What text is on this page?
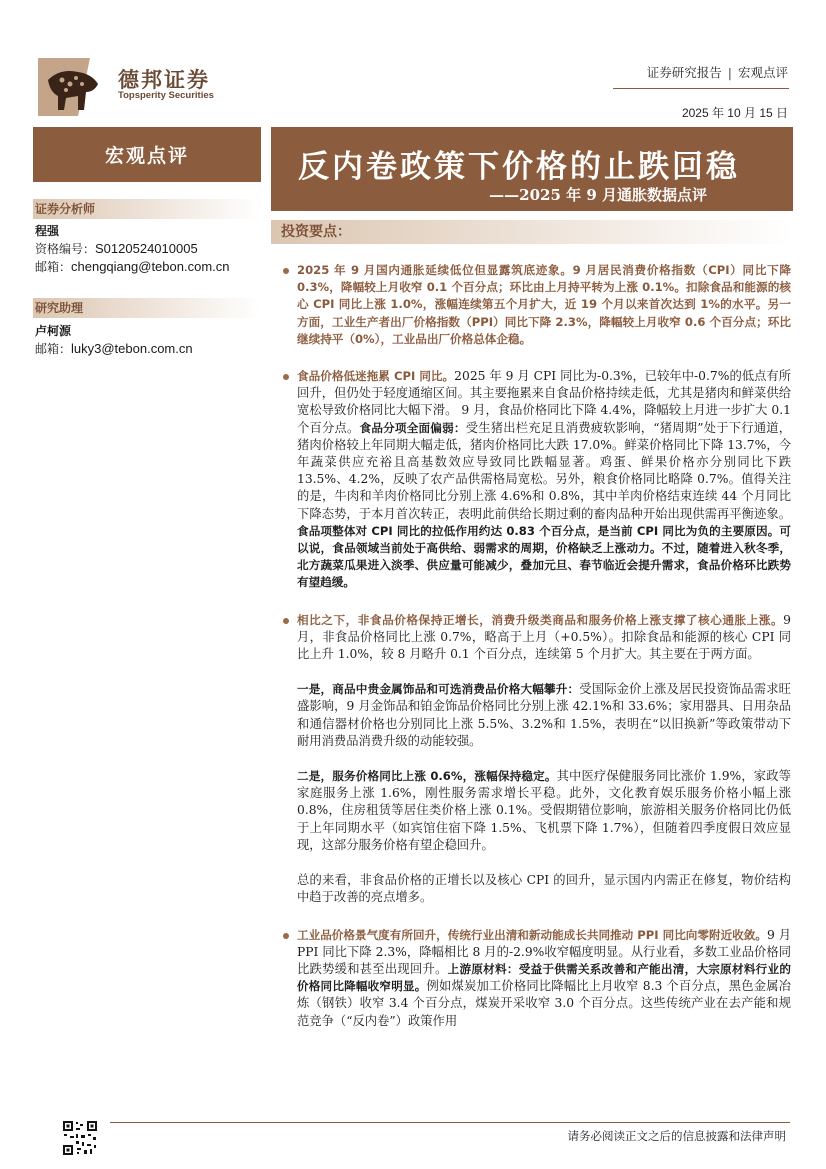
德邦证券
Topsperity Securities
证券研究报告 | 宏观点评
2025 年 10 月 15 日
宏观点评
证券分析师
程强
资格编号：S0120524010005
邮箱：chengqiang@tebon.com.cn
研究助理
卢柯源
邮箱：luky3@tebon.com.cn
反内卷政策下价格的止跌回稳
——2025 年 9 月通胀数据点评
投资要点：

2025 年 9 月国内通胀延续低位但显露筑底迹象。9 月居民消费价格指数（CPI）同比下降 0.3%，降幅较上月收窄 0.1 个百分点；环比由上月持平转为上涨 0.1%。扣除食品和能源的核心 CPI 同比上涨 1.0%，涨幅连续第五个月扩大，近 19 个月以来首次达到 1%的水平。另一方面，工业生产者出厂价格指数（PPI）同比下降 2.3%，降幅较上月收窄 0.6 个百分点；环比继续持平（0%），工业品出厂价格总体企稳。

食品价格低迷拖累 CPI 同比。2025 年 9 月 CPI 同比为-0.3%，已较年中-0.7%的低点有所回升，但仍处于轻度通缩区间。其主要拖累来自食品价格持续走低，尤其是猪肉和鲜菜供给宽松导致价格同比大幅下滑。 9 月，食品价格同比下降 4.4%，降幅较上月进一步扩大 0.1 个百分点。食品分项全面偏弱：受生猪出栏充足且消费疲软影响，“猪周期”处于下行通道，猪肉价格较上年同期大幅走低，猪肉价格同比大跌 17.0%。鲜菜价格同比下降 13.7%，今年蔬菜供应充裕且高基数效应导致同比跌幅显著。鸡蛋、鲜果价格亦分别同比下跌 13.5%、4.2%，反映了农产品供需格局宽松。另外，粮食价格同比略降 0.7%。值得关注的是，牛肉和羊肉价格同比分别上涨 4.6%和 0.8%，其中羊肉价格结束连续 44 个月同比下降态势，于本月首次转正，表明此前供给长期过剩的畜肉品种开始出现供需再平衡迹象。食品项整体对 CPI 同比的拉低作用约达 0.83 个百分点，是当前 CPI 同比为负的主要原因。可以说，食品领域当前处于高供给、弱需求的周期，价格缺乏上涨动力。不过，随着进入秋冬季，北方蔬菜瓜果进入淡季、供应量可能减少，叠加元旦、春节临近会提升需求，食品价格环比跌势有望趋缓。

相比之下，非食品价格保持正增长，消费升级类商品和服务价格上涨支撑了核心通胀上涨。9 月，非食品价格同比上涨 0.7%，略高于上月（+0.5%）。扣除食品和能源的核心 CPI 同比上升 1.0%，较 8 月略升 0.1 个百分点，连续第 5 个月扩大。其主要在于两方面。

一是，商品中贵金属饰品和可选消费品价格大幅攀升：受国际金价上涨及居民投资饰品需求旺盛影响，9 月金饰品和铂金饰品价格同比分别上涨 42.1%和 33.6%；家用器具、日用杂品和通信器材价格也分别同比上涨 5.5%、3.2%和 1.5%，表明在“以旧换新”等政策带动下耐用消费品消费升级的动能较强。

二是，服务价格同比上涨 0.6%，涨幅保持稳定。其中医疗保健服务同比涨价 1.9%，家政等家庭服务上涨 1.6%，刚性服务需求增长平稳。此外，文化教育娱乐服务价格小幅上涨 0.8%，住房租赁等居住类价格上涨 0.1%。受假期错位影响，旅游相关服务价格同比仍低于上年同期水平（如宾馆住宿下降 1.5%、飞机票下降 1.7%），但随着四季度假日效应显现，这部分服务价格有望企稳回升。

总的来看，非食品价格的正增长以及核心 CPI 的回升，显示国内内需正在修复，物价结构中趋于改善的亮点增多。

工业品价格景气度有所回升，传统行业出清和新动能成长共同推动 PPI 同比向零附近收敛。9 月 PPI 同比下降 2.3%，降幅相比 8 月的-2.9%收窄幅度明显。从行业看，多数工业品价格同比跌势缓和甚至出现回升。上游原材料：受益于供需关系改善和产能出清，大宗原材料行业的价格同比降幅收窄明显。例如煤炭加工价格同比降幅比上月收窄 8.3 个百分点，黑色金属冶炼（钢铁）收窄 3.4 个百分点，煤炭开采收窄 3.0 个百分点。这些传统产业在去产能和规范竞争（“反内卷”）政策作用

请务必阅读正文之后的信息披露和法律声明
